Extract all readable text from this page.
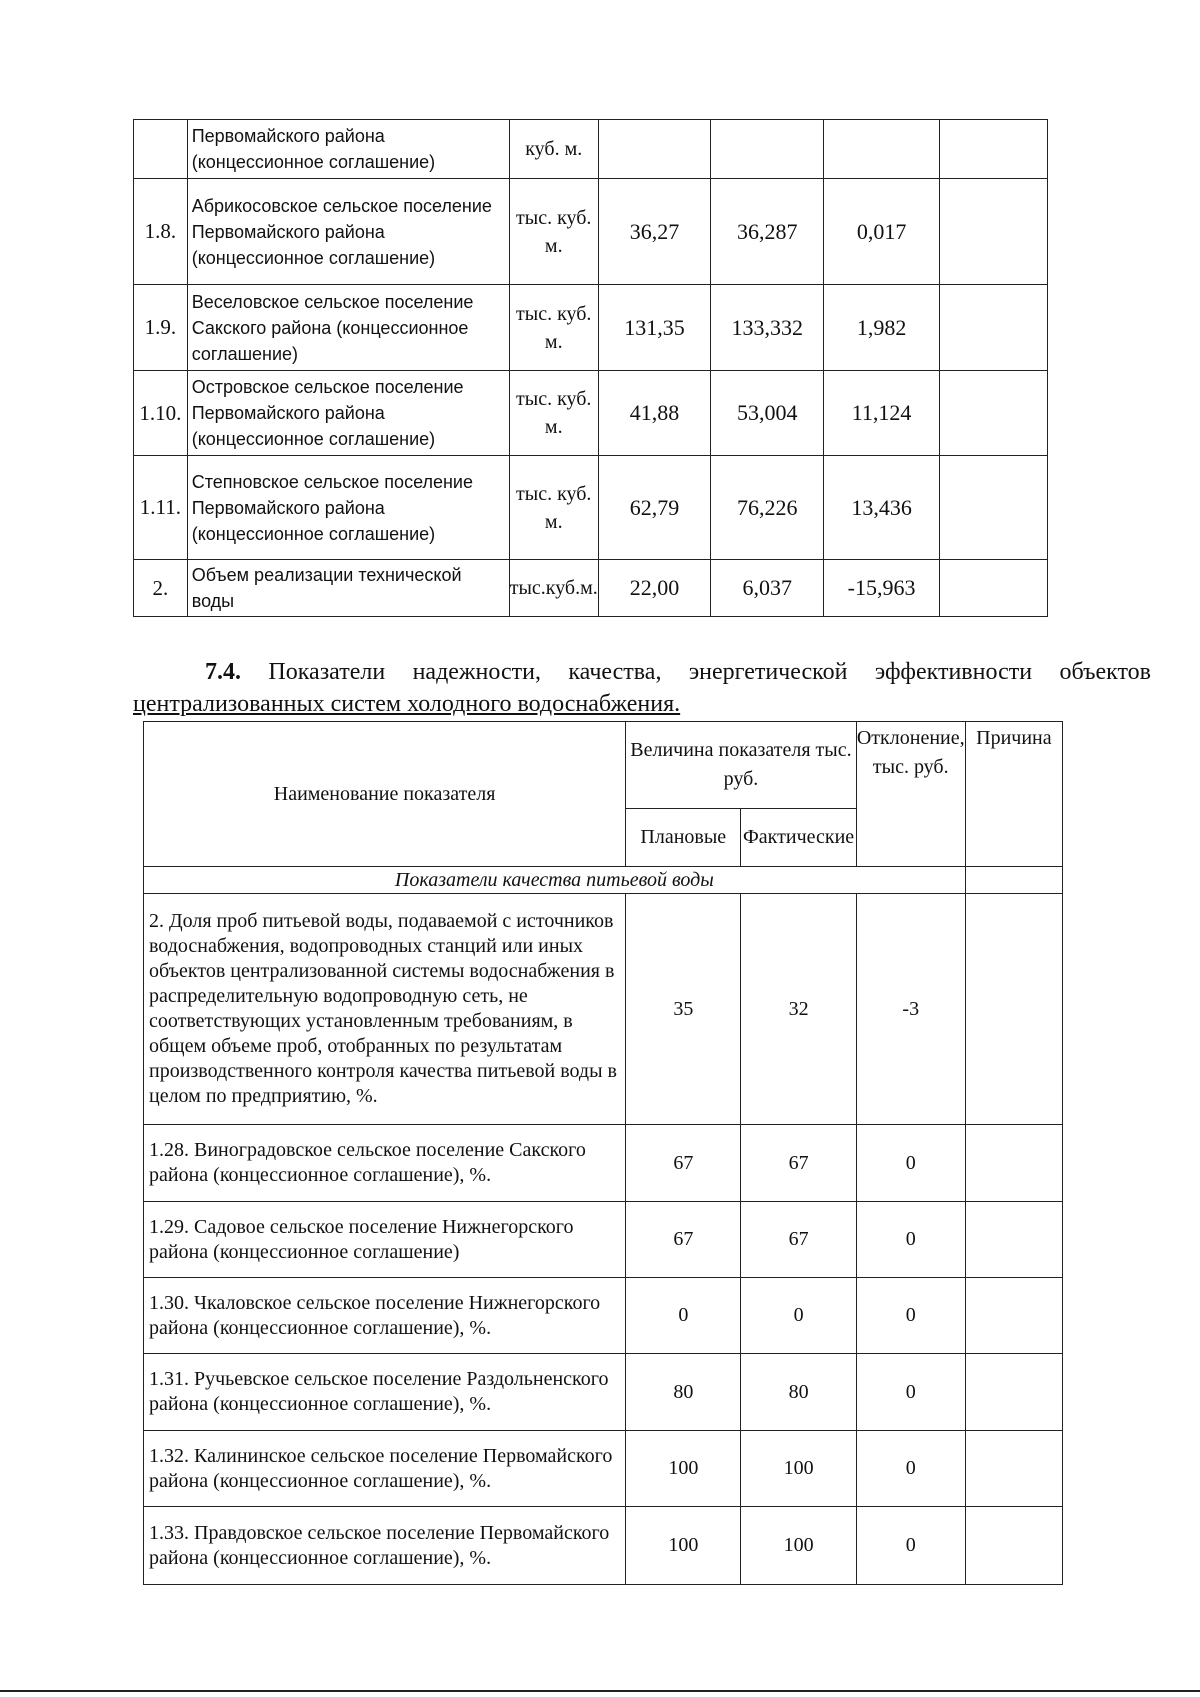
	Первомайского района (концессионное соглашение)	куб. м.				
1.8.	Абрикосовское сельское поселение Первомайского района (концессионное соглашение)	тыс. куб. м.	36,27	36,287	0,017	
1.9.	Веселовское сельское поселение Сакского района (концессионное соглашение)	тыс. куб. м.	131,35	133,332	1,982	
1.10.	Островское сельское поселение Первомайского района (концессионное соглашение)	тыс. куб. м.	41,88	53,004	11,124	
1.11.	Степновское сельское поселение Первомайского района (концессионное соглашение)	тыс. куб. м.	62,79	76,226	13,436	
2.	Объем реализации технической воды	тыс.куб.м.	22,00	6,037	-15,963	
7.4. Показатели надежности, качества, энергетической эффективности объектов централизованных систем холодного водоснабжения.
Наименование показателя	Величина показателя тыс. руб.		Отклонение, тыс. руб.	Причина
	Плановые	Фактические		
Показатели качества питьевой воды				
2. Доля проб питьевой воды, подаваемой с источников водоснабжения, водопроводных станций или иных объектов централизованной системы водоснабжения в распределительную водопроводную сеть, не соответствующих установленным требованиям, в общем объеме проб, отобранных по результатам производственного контроля качества питьевой воды в целом по предприятию, %.	35	32	-3	
1.28. Виноградовское сельское поселение Сакского района (концессионное соглашение), %.	67	67	0	
1.29. Садовое сельское поселение Нижнегорского района (концессионное соглашение)	67	67	0	
1.30. Чкаловское сельское поселение Нижнегорского района (концессионное соглашение), %.	0	0	0	
1.31. Ручьевское сельское поселение Раздольненского района (концессионное соглашение), %.	80	80	0	
1.32. Калининское сельское поселение Первомайского района (концессионное соглашение), %.	100	100	0	
1.33. Правдовское сельское поселение Первомайского района (концессионное соглашение), %.	100	100	0	
